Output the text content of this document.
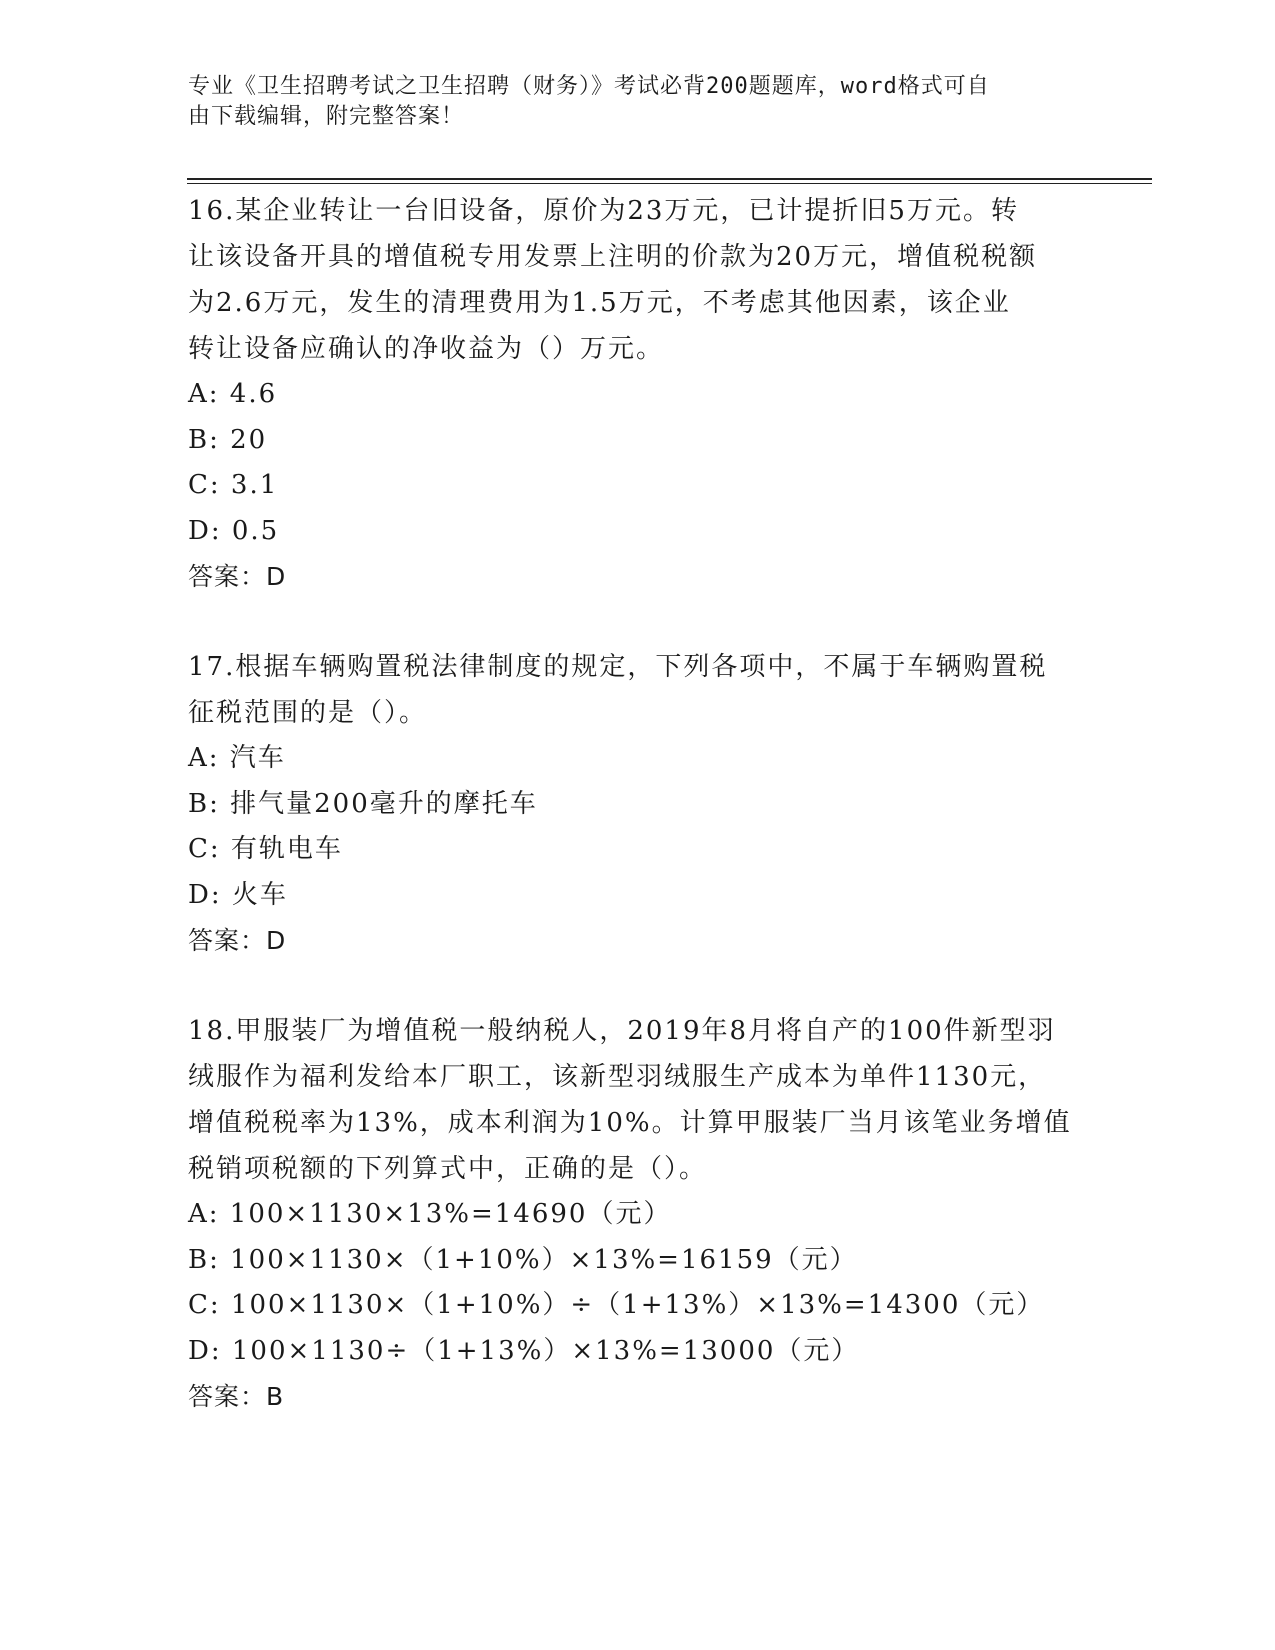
专业《卫生招聘考试之卫生招聘（财务）》考试必背200题题库，word格式可自
由下载编辑，附完整答案！

16.某企业转让一台旧设备，原价为23万元，已计提折旧5万元。转

让该设备开具的增值税专用发票上注明的价款为20万元，增值税税额

为2.6万元，发生的清理费用为1.5万元，不考虑其他因素，该企业

转让设备应确认的净收益为（）万元。

A: 4.6

B: 20

C: 3.1

D: 0.5

答案：D

17.根据车辆购置税法律制度的规定，下列各项中，不属于车辆购置税

征税范围的是（）。

A: 汽车

B: 排气量200毫升的摩托车

C: 有轨电车

D: 火车

答案：D

18.甲服装厂为增值税一般纳税人，2019年8月将自产的100件新型羽

绒服作为福利发给本厂职工，该新型羽绒服生产成本为单件1130元，

增值税税率为13%，成本利润为10%。计算甲服装厂当月该笔业务增值

税销项税额的下列算式中，正确的是（）。

A: 100×1130×13%=14690（元）

B: 100×1130×（1+10%）×13%=16159（元）

C: 100×1130×（1+10%）÷（1+13%）×13%=14300（元）

D: 100×1130÷（1+13%）×13%=13000（元）

答案：B
